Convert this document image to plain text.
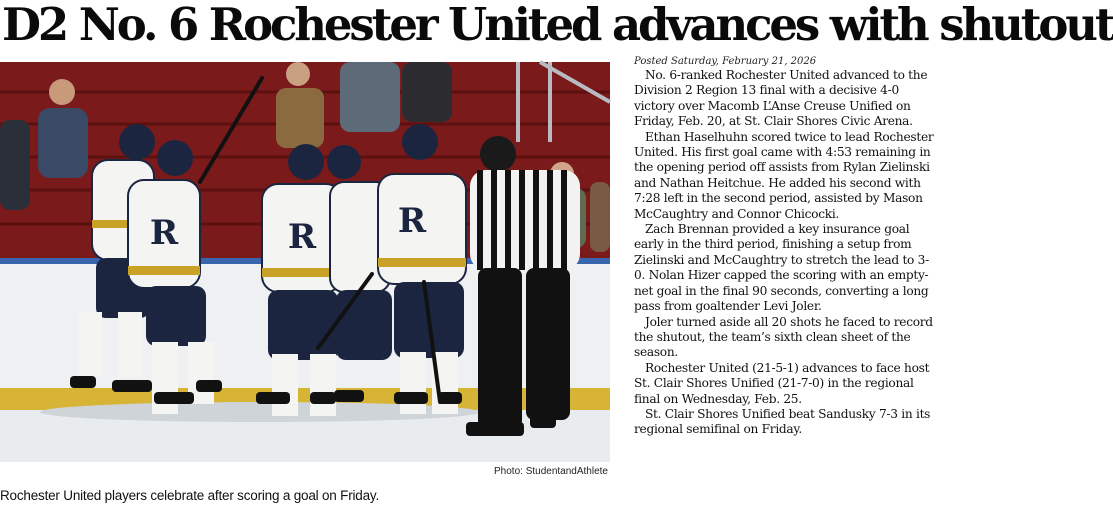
D2 No. 6 Rochester United advances with shutout
R	R R
Photo: StudentandAthlete
Rochester United players celebrate after scoring a goal on Friday.
Posted Saturday, February 21, 2026

No. 6-ranked Rochester United advanced to the Division 2 Region 13 final with a decisive 4-0 victory over Macomb L’Anse Creuse Unified on Friday, Feb. 20, at St. Clair Shores Civic Arena.

Ethan Haselhuhn scored twice to lead Rochester United. His first goal came with 4:53 remaining in the opening period off assists from Rylan Zielinski and Nathan Heitchue. He added his second with 7:28 left in the second period, assisted by Mason McCaughtry and Connor Chicocki.

Zach Brennan provided a key insurance goal early in the third period, finishing a setup from Zielinski and McCaughtry to stretch the lead to 3-0. Nolan Hizer capped the scoring with an empty-net goal in the final 90 seconds, converting a long pass from goaltender Levi Joler.

Joler turned aside all 20 shots he faced to record the shutout, the team’s sixth clean sheet of the season.

Rochester United (21-5-1) advances to face host St. Clair Shores Unified (21-7-0) in the regional final on Wednesday, Feb. 25.

St. Clair Shores Unified beat Sandusky 7-3 in its regional semifinal on Friday.
